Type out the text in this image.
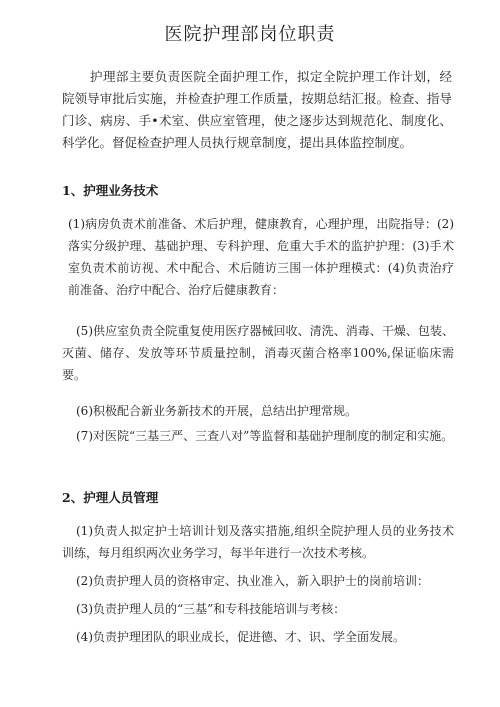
医院护理部岗位职责

护理部主要负责医院全面护理工作，拟定全院护理工作计划，经院领导审批后实施，并检查护理工作质量，按期总结汇报。检查、指导门诊、病房、手•术室、供应室管理，使之逐步达到规范化、制度化、科学化。督促检查护理人员执行规章制度，提出具体监控制度。

1、护理业务技术

(1)病房负责术前准备、术后护理，健康教育，心理护理，出院指导：(2)落实分级护理、基础护理、专科护理、危重大手术的监护护理：(3)手术室负责术前访视、术中配合、术后随访三围一体护理模式：(4)负责治疗前准备、治疗中配合、治疗后健康教育：

(5)供应室负责全院重复使用医疗器械回收、清洗、消毒、干燥、包装、灭菌、储存、发放等环节质量控制，消毒灭菌合格率100%,保证临床需要。

(6)积极配合新业务新技术的开展，总结出护理常规。

(7)对医院“三基三严、三查八对”等监督和基础护理制度的制定和实施。

2、护理人员管理

(1)负责人拟定护士培训计划及落实措施,组织全院护理人员的业务技术训练，每月组织两次业务学习，每半年进行一次技术考核。

(2)负责护理人员的资格审定、执业准入，新入职护士的岗前培训：

(3)负责护理人员的“三基”和专科技能培训与考核：

(4)负责护理团队的职业成长，促进德、才、识、学全面发展。
